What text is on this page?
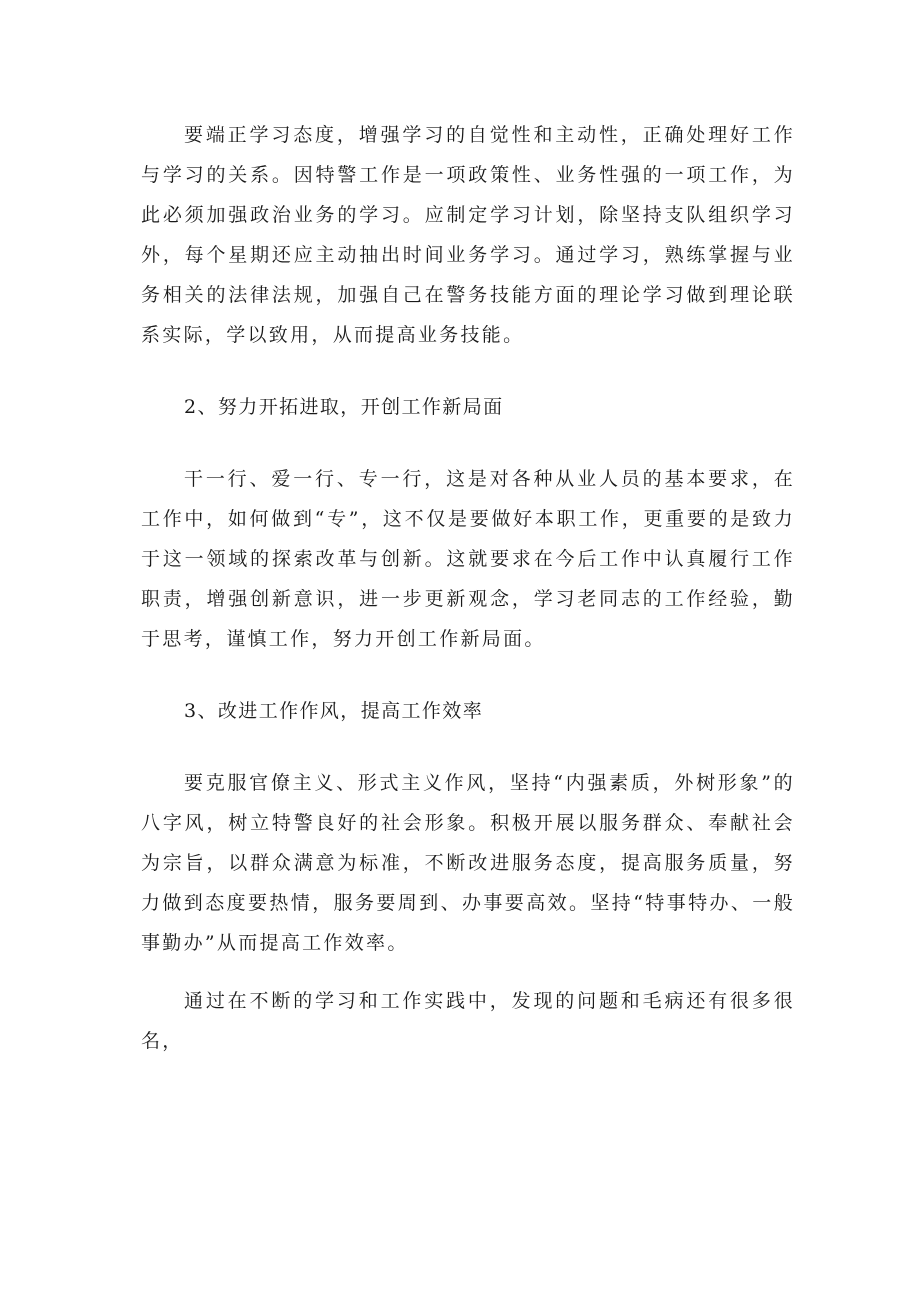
要端正学习态度，增强学习的自觉性和主动性，正确处理好工作与学习的关系。因特警工作是一项政策性、业务性强的一项工作，为此必须加强政治业务的学习。应制定学习计划，除坚持支队组织学习外，每个星期还应主动抽出时间业务学习。通过学习，熟练掌握与业务相关的法律法规，加强自己在警务技能方面的理论学习做到理论联系实际，学以致用，从而提高业务技能。

2、努力开拓进取，开创工作新局面

干一行、爱一行、专一行，这是对各种从业人员的基本要求，在工作中，如何做到“专”，这不仅是要做好本职工作，更重要的是致力于这一领域的探索改革与创新。这就要求在今后工作中认真履行工作职责，增强创新意识，进一步更新观念，学习老同志的工作经验，勤于思考，谨慎工作，努力开创工作新局面。

3、改进工作作风，提高工作效率

要克服官僚主义、形式主义作风，坚持“内强素质，外树形象”的八字风，树立特警良好的社会形象。积极开展以服务群众、奉献社会为宗旨，以群众满意为标准，不断改进服务态度，提高服务质量，努力做到态度要热情，服务要周到、办事要高效。坚持“特事特办、一般事勤办”从而提高工作效率。

通过在不断的学习和工作实践中，发现的问题和毛病还有很多很名，
